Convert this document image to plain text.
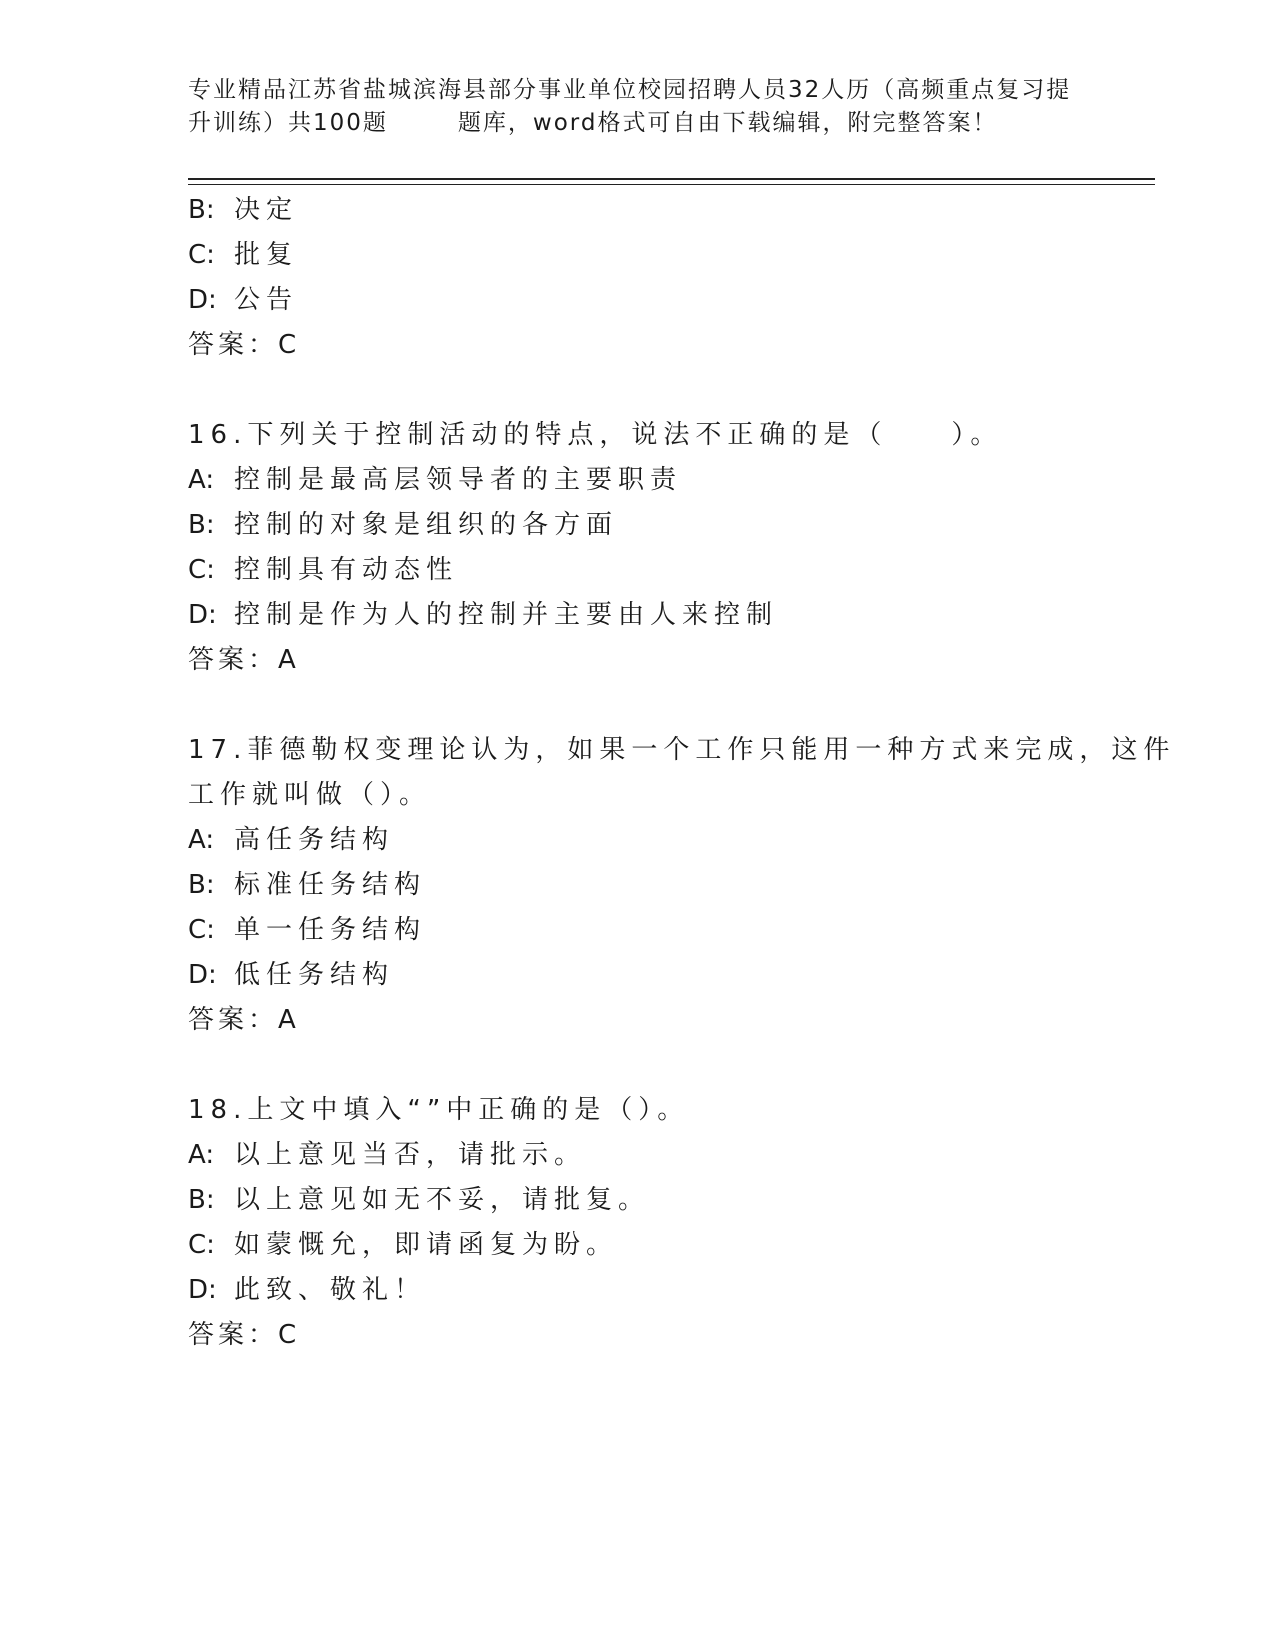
专业精品江苏省盐城滨海县部分事业单位校园招聘人员32人历（高频重点复习提
升训练）共100题	题库，word格式可自由下载编辑，附完整答案！
B: 决定
C: 批复
D: 公告
答案：C
16.下列关于控制活动的特点，说法不正确的是（　　）。
A: 控制是最高层领导者的主要职责
B: 控制的对象是组织的各方面
C: 控制具有动态性
D: 控制是作为人的控制并主要由人来控制
答案：A
17.菲德勒权变理论认为，如果一个工作只能用一种方式来完成，这件
工作就叫做（）。
A: 高任务结构
B: 标准任务结构
C: 单一任务结构
D: 低任务结构
答案：A
18.上文中填入“”中正确的是（）。
A: 以上意见当否，请批示。
B: 以上意见如无不妥，请批复。
C: 如蒙慨允，即请函复为盼。
D: 此致、敬礼！
答案：C
